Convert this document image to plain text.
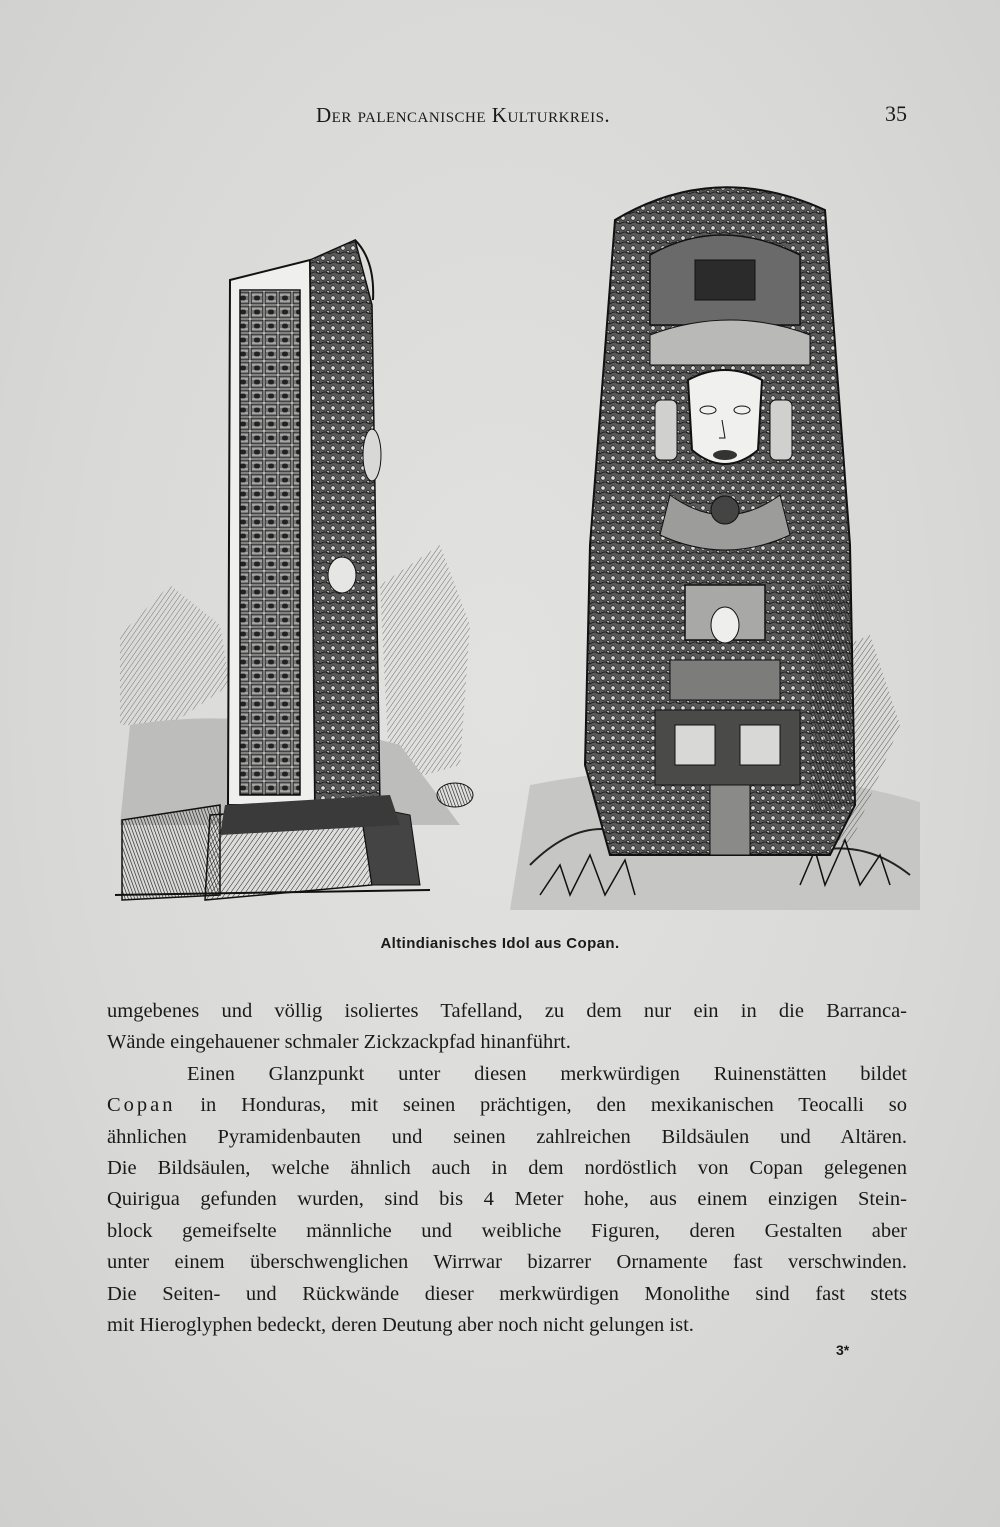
Der palencanische Kulturkreis.	35
Altindianisches Idol aus Copan.
umgebenes und völlig isoliertes Tafelland, zu dem nur ein in die Barranca-
Wände eingehauener schmaler Zickzackpfad hinanführt.
Einen Glanzpunkt unter diesen merkwürdigen Ruinenstätten bildet
Copan in Honduras, mit seinen prächtigen, den mexikanischen Teocalli so
ähnlichen Pyramidenbauten und seinen zahlreichen Bildsäulen und Altären.
Die Bildsäulen, welche ähnlich auch in dem nordöstlich von Copan gelegenen
Quirigua gefunden wurden, sind bis 4 Meter hohe, aus einem einzigen Stein-
block gemeifselte männliche und weibliche Figuren, deren Gestalten aber
unter einem überschwenglichen Wirrwar bizarrer Ornamente fast verschwinden.
Die Seiten- und Rückwände dieser merkwürdigen Monolithe sind fast stets
mit Hieroglyphen bedeckt, deren Deutung aber noch nicht gelungen ist.
3*
